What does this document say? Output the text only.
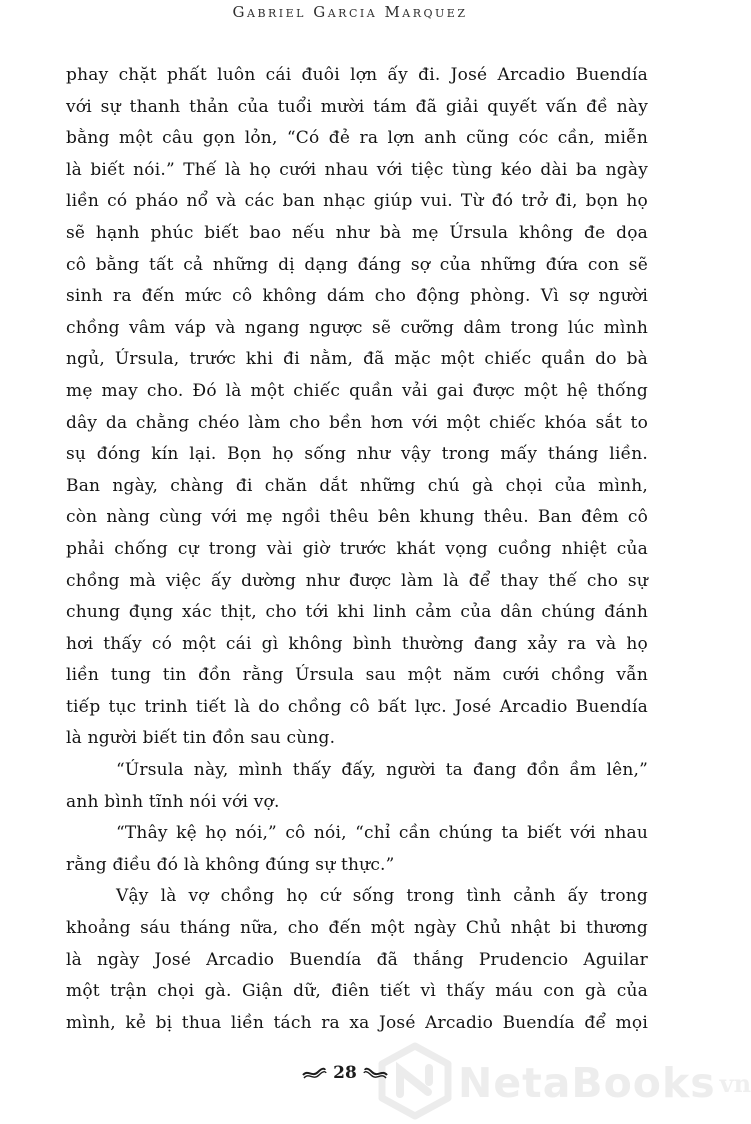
Gabriel Garcia Marquez
phay chặt phất luôn cái đuôi lợn ấy đi. José Arcadio Buendía
với sự thanh thản của tuổi mười tám đã giải quyết vấn đề này
bằng một câu gọn lỏn, “Có đẻ ra lợn anh cũng cóc cần, miễn
là biết nói.” Thế là họ cưới nhau với tiệc tùng kéo dài ba ngày
liền có pháo nổ và các ban nhạc giúp vui. Từ đó trở đi, bọn họ
sẽ hạnh phúc biết bao nếu như bà mẹ Úrsula không đe dọa
cô bằng tất cả những dị dạng đáng sợ của những đứa con sẽ
sinh ra đến mức cô không dám cho động phòng. Vì sợ người
chồng vâm váp và ngang ngược sẽ cưỡng dâm trong lúc mình
ngủ, Úrsula, trước khi đi nằm, đã mặc một chiếc quần do bà
mẹ may cho. Đó là một chiếc quần vải gai được một hệ thống
dây da chằng chéo làm cho bền hơn với một chiếc khóa sắt to
sụ đóng kín lại. Bọn họ sống như vậy trong mấy tháng liền.
Ban ngày, chàng đi chăn dắt những chú gà chọi của mình,
còn nàng cùng với mẹ ngồi thêu bên khung thêu. Ban đêm cô
phải chống cự trong vài giờ trước khát vọng cuồng nhiệt của
chồng mà việc ấy dường như được làm là để thay thế cho sự
chung đụng xác thịt, cho tới khi linh cảm của dân chúng đánh
hơi thấy có một cái gì không bình thường đang xảy ra và họ
liền tung tin đồn rằng Úrsula sau một năm cưới chồng vẫn
tiếp tục trinh tiết là do chồng cô bất lực. José Arcadio Buendía
là người biết tin đồn sau cùng.
“Úrsula này, mình thấy đấy, người ta đang đồn ầm lên,”
anh bình tĩnh nói với vợ.
“Thây kệ họ nói,” cô nói, “chỉ cần chúng ta biết với nhau
rằng điều đó là không đúng sự thực.”
Vậy là vợ chồng họ cứ sống trong tình cảnh ấy trong
khoảng sáu tháng nữa, cho đến một ngày Chủ nhật bi thương
là ngày José Arcadio Buendía đã thắng Prudencio Aguilar
một trận chọi gà. Giận dữ, điên tiết vì thấy máu con gà của
mình, kẻ bị thua liền tách ra xa José Arcadio Buendía để mọi
NetaBooks vn
28
